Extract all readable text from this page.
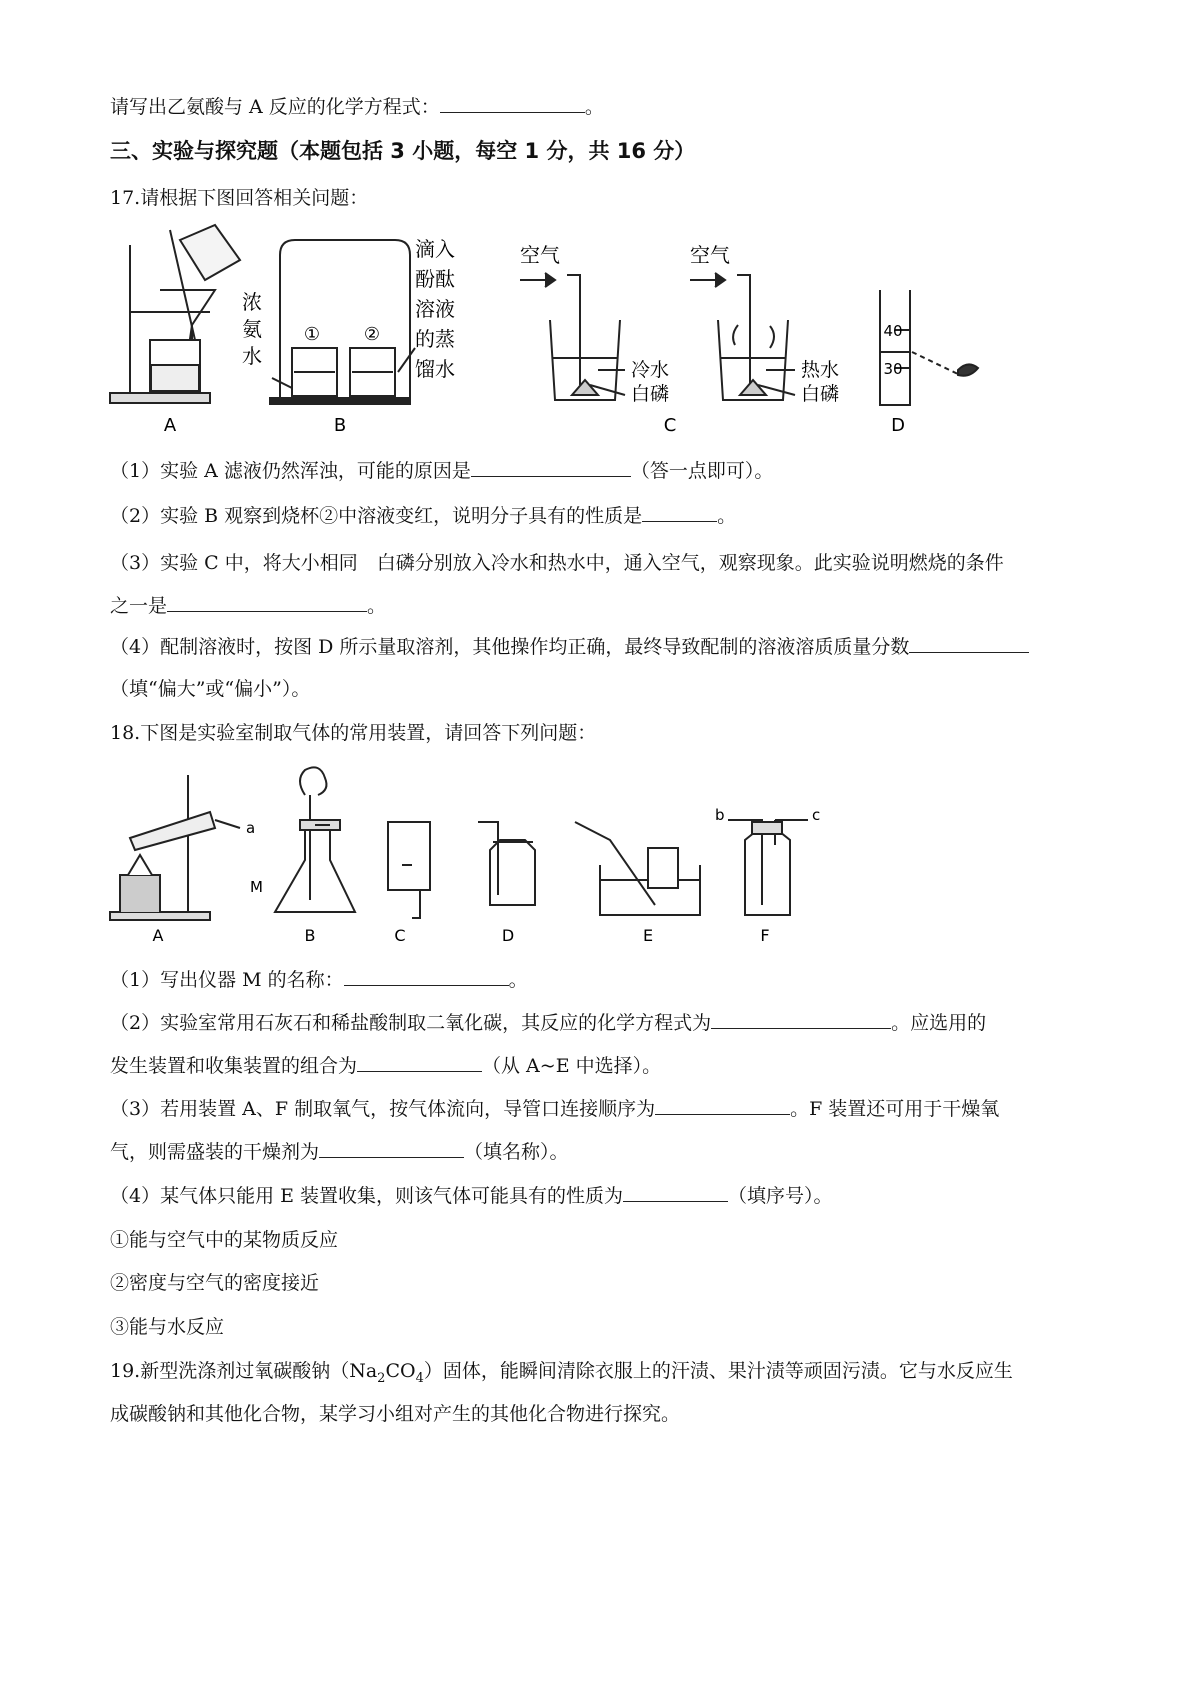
请写出乙氨酸与 A 反应的化学方程式：	。
三、实验与探究题（本题包括 3 小题，每空 1 分，共 16 分）
17.请根据下图回答相关问题：
A	B	C	D
浓
氨
水
滴入
酚酞
溶液
的蒸
馏水
① ②
空气	空气
冷水
白磷
热水
白磷
40
30
（1）实验 A 滤液仍然浑浊，可能的原因是	（答一点即可）。
（2）实验 B 观察到烧杯②中溶液变红，说明分子具有的性质是	。
（3）实验 C 中，将大小相同　白磷分别放入冷水和热水中，通入空气，观察现象。此实验说明燃烧的条件
之一是	。
（4）配制溶液时，按图 D 所示量取溶剂，其他操作均正确，最终导致配制的溶液溶质质量分数
（填“偏大”或“偏小”）。
18.下图是实验室制取气体的常用装置，请回答下列问题：
a
M
b	c
A	B	C	D	E	F
（1）写出仪器 M 的名称：	。
（2）实验室常用石灰石和稀盐酸制取二氧化碳，其反应的化学方程式为	。应选用的
发生装置和收集装置的组合为	（从 A~E 中选择）。
（3）若用装置 A、F 制取氧气，按气体流向，导管口连接顺序为	。F 装置还可用于干燥氧
气，则需盛装的干燥剂为	（填名称）。
（4）某气体只能用 E 装置收集，则该气体可能具有的性质为	（填序号）。
①能与空气中的某物质反应
②密度与空气的密度接近
③能与水反应
19.新型洗涤剂过氧碳酸钠$(Na_2CO_4)$固体，能瞬间清除衣服上的汗渍、果汁渍等顽固污渍。它与水反应生
成碳酸钠和其他化合物，某学习小组对产生的其他化合物进行探究。
